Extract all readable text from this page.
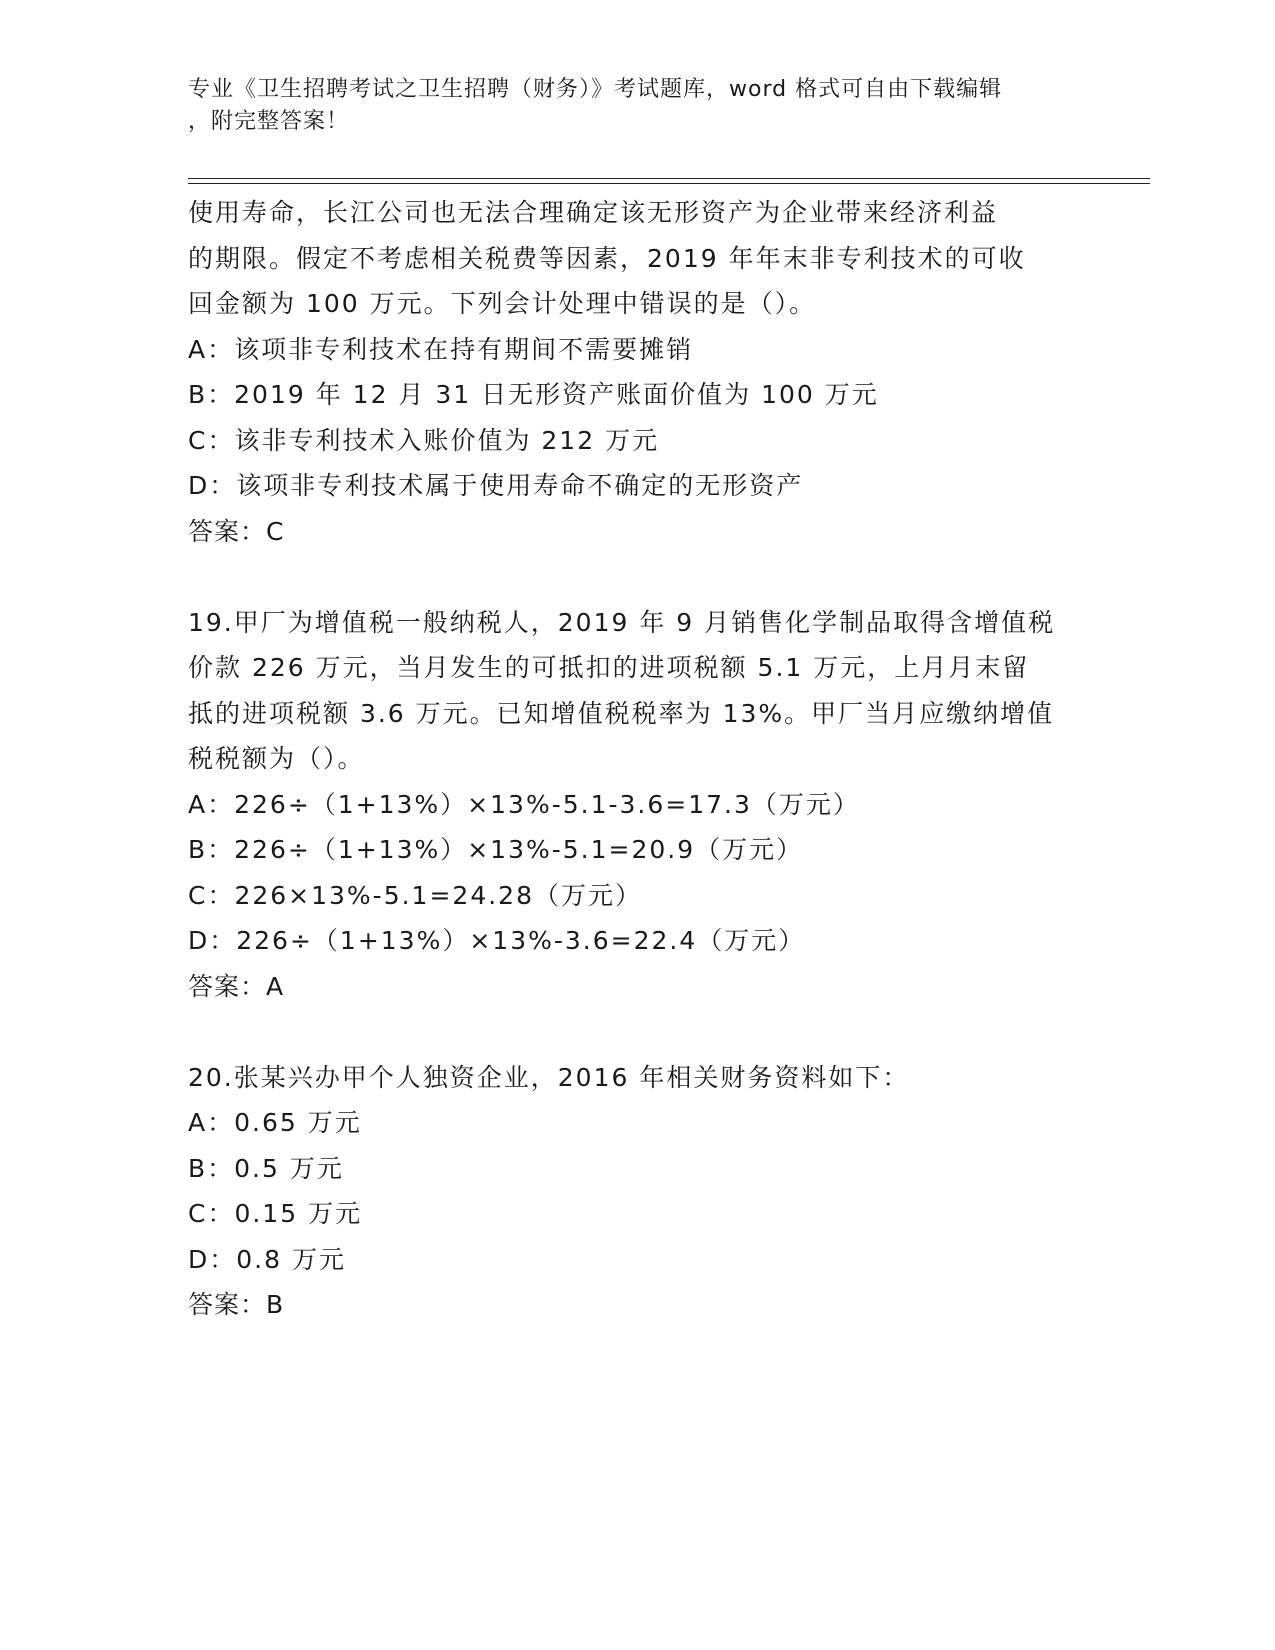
专业《卫生招聘考试之卫生招聘（财务）》考试题库，word 格式可自由下载编辑
，附完整答案！
使用寿命，长江公司也无法合理确定该无形资产为企业带来经济利益
的期限。假定不考虑相关税费等因素，2019 年年末非专利技术的可收
回金额为 100 万元。下列会计处理中错误的是（）。
A：该项非专利技术在持有期间不需要摊销
B：2019 年 12 月 31 日无形资产账面价值为 100 万元
C：该非专利技术入账价值为 212 万元
D：该项非专利技术属于使用寿命不确定的无形资产
答案：C
19.甲厂为增值税一般纳税人，2019 年 9 月销售化学制品取得含增值税
价款 226 万元，当月发生的可抵扣的进项税额 5.1 万元，上月月末留
抵的进项税额 3.6 万元。已知增值税税率为 13%。甲厂当月应缴纳增值
税税额为（）。
A：226÷（1+13%）×13%-5.1-3.6=17.3（万元）
B：226÷（1+13%）×13%-5.1=20.9（万元）
C：226×13%-5.1=24.28（万元）
D：226÷（1+13%）×13%-3.6=22.4（万元）
答案：A
20.张某兴办甲个人独资企业，2016 年相关财务资料如下：
A：0.65 万元
B：0.5 万元
C：0.15 万元
D：0.8 万元
答案：B
